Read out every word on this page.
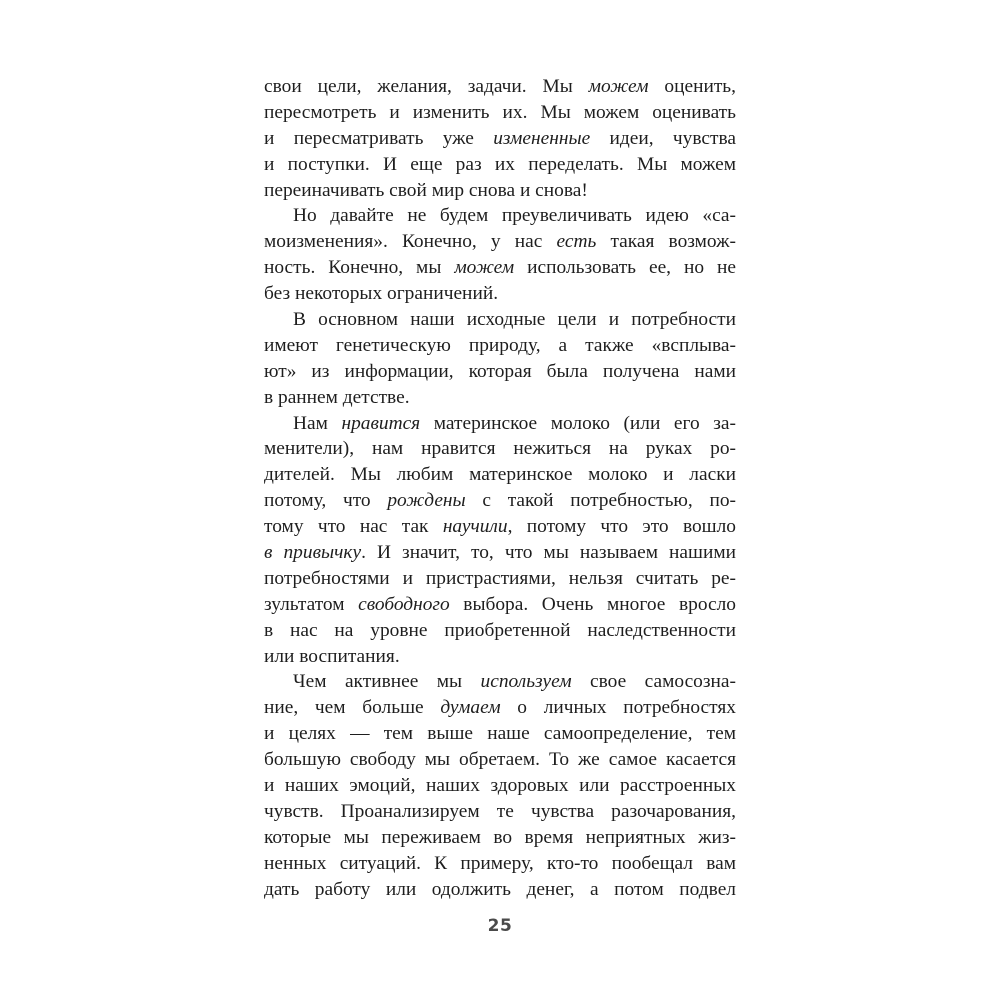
свои цели, желания, задачи. Мы можем оценить,
пересмотреть и изменить их. Мы можем оценивать
и пересматривать уже измененные идеи, чувства
и поступки. И еще раз их переделать. Мы можем
переиначивать свой мир снова и снова!
Но давайте не будем преувеличивать идею «са-
моизменения». Конечно, у нас есть такая возмож-
ность. Конечно, мы можем использовать ее, но не
без некоторых ограничений.
В основном наши исходные цели и потребности
имеют генетическую природу, а также «всплыва-
ют» из информации, которая была получена нами
в раннем детстве.
Нам нравится материнское молоко (или его за-
менители), нам нравится нежиться на руках ро-
дителей. Мы любим материнское молоко и ласки
потому, что рождены с такой потребностью, по-
тому что нас так научили, потому что это вошло
в привычку. И значит, то, что мы называем нашими
потребностями и пристрастиями, нельзя считать ре-
зультатом свободного выбора. Очень многое вросло
в нас на уровне приобретенной наследственности
или воспитания.
Чем активнее мы используем свое самосозна-
ние, чем больше думаем о личных потребностях
и целях — тем выше наше самоопределение, тем
большую свободу мы обретаем. То же самое касается
и наших эмоций, наших здоровых или расстроенных
чувств. Проанализируем те чувства разочарования,
которые мы переживаем во время неприятных жиз-
ненных ситуаций. К примеру, кто-то пообещал вам
дать работу или одолжить денег, а потом подвел
25
